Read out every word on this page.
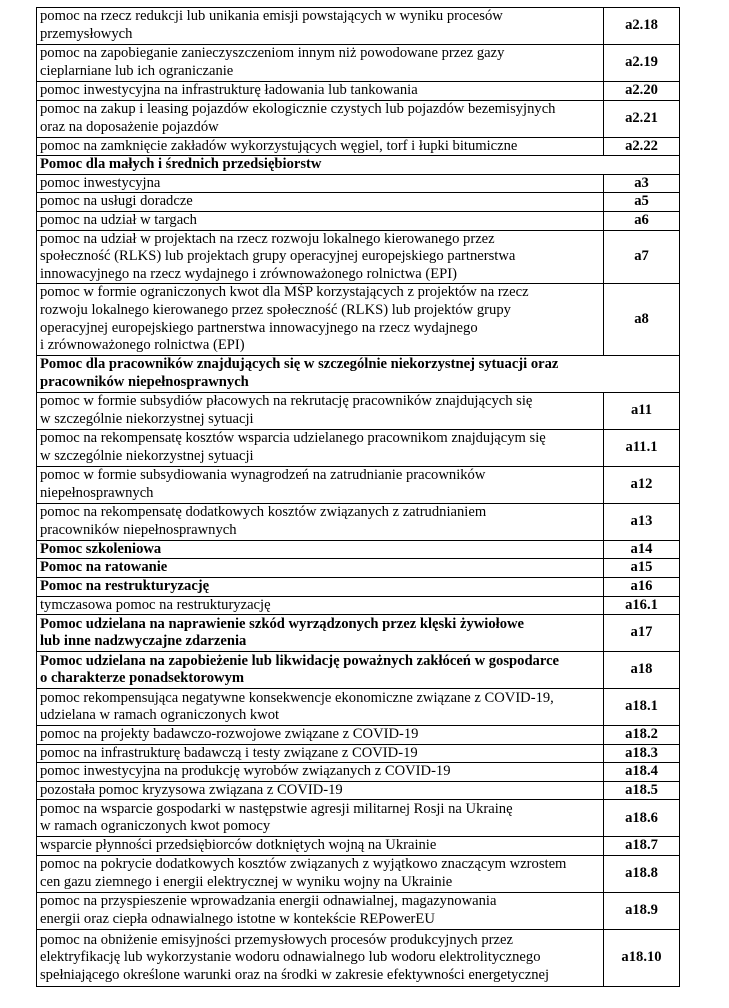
pomoc na rzecz redukcji lub unikania emisji powstających w wyniku procesów
przemysłowych	a2.18

pomoc na zapobieganie zanieczyszczeniom innym niż powodowane przez gazy
cieplarniane lub ich ograniczanie	a2.19

pomoc inwestycyjna na infrastrukturę ładowania lub tankowania	a2.20

pomoc na zakup i leasing pojazdów ekologicznie czystych lub pojazdów bezemisyjnych
oraz na doposażenie pojazdów	a2.21

pomoc na zamknięcie zakładów wykorzystujących węgiel, torf i łupki bitumiczne	a2.22

Pomoc dla małych i średnich przedsiębiorstw	

pomoc inwestycyjna	a3

pomoc na usługi doradcze	a5

pomoc na udział w targach	a6

pomoc na udział w projektach na rzecz rozwoju lokalnego kierowanego przez
społeczność (RLKS) lub projektach grupy operacyjnej europejskiego partnerstwa
innowacyjnego na rzecz wydajnego i zrównoważonego rolnictwa (EPI)	a7

pomoc w formie ograniczonych kwot dla MŚP korzystających z projektów na rzecz
rozwoju lokalnego kierowanego przez społeczność (RLKS) lub projektów grupy
operacyjnej europejskiego partnerstwa innowacyjnego na rzecz wydajnego
i zrównoważonego rolnictwa (EPI)	a8

Pomoc dla pracowników znajdujących się w szczególnie niekorzystnej sytuacji oraz
pracowników niepełnosprawnych	

pomoc w formie subsydiów płacowych na rekrutację pracowników znajdujących się
w szczególnie niekorzystnej sytuacji	a11

pomoc na rekompensatę kosztów wsparcia udzielanego pracownikom znajdującym się
w szczególnie niekorzystnej sytuacji	a11.1

pomoc w formie subsydiowania wynagrodzeń na zatrudnianie pracowników
niepełnosprawnych	a12

pomoc na rekompensatę dodatkowych kosztów związanych z zatrudnianiem
pracowników niepełnosprawnych	a13

Pomoc szkoleniowa	a14

Pomoc na ratowanie	a15

Pomoc na restrukturyzację	a16

tymczasowa pomoc na restrukturyzację	a16.1

Pomoc udzielana na naprawienie szkód wyrządzonych przez klęski żywiołowe
lub inne nadzwyczajne zdarzenia	a17

Pomoc udzielana na zapobieżenie lub likwidację poważnych zakłóceń w gospodarce
o charakterze ponadsektorowym	a18

pomoc rekompensująca negatywne konsekwencje ekonomiczne związane z COVID-19,
udzielana w ramach ograniczonych kwot	a18.1

pomoc na projekty badawczo-rozwojowe związane z COVID-19	a18.2

pomoc na infrastrukturę badawczą i testy związane z COVID-19	a18.3

pomoc inwestycyjna na produkcję wyrobów związanych z COVID-19	a18.4

pozostała pomoc kryzysowa związana z COVID-19	a18.5

pomoc na wsparcie gospodarki w następstwie agresji militarnej Rosji na Ukrainę
w ramach ograniczonych kwot pomocy	a18.6

wsparcie płynności przedsiębiorców dotkniętych wojną na Ukrainie	a18.7

pomoc na pokrycie dodatkowych kosztów związanych z wyjątkowo znaczącym wzrostem
cen gazu ziemnego i energii elektrycznej w wyniku wojny na Ukrainie	a18.8

pomoc na przyspieszenie wprowadzania energii odnawialnej, magazynowania
energii oraz ciepła odnawialnego istotne w kontekście REPowerEU	a18.9

pomoc na obniżenie emisyjności przemysłowych procesów produkcyjnych przez
elektryfikację lub wykorzystanie wodoru odnawialnego lub wodoru elektrolitycznego
spełniającego określone warunki oraz na środki w zakresie efektywności energetycznej	a18.10
